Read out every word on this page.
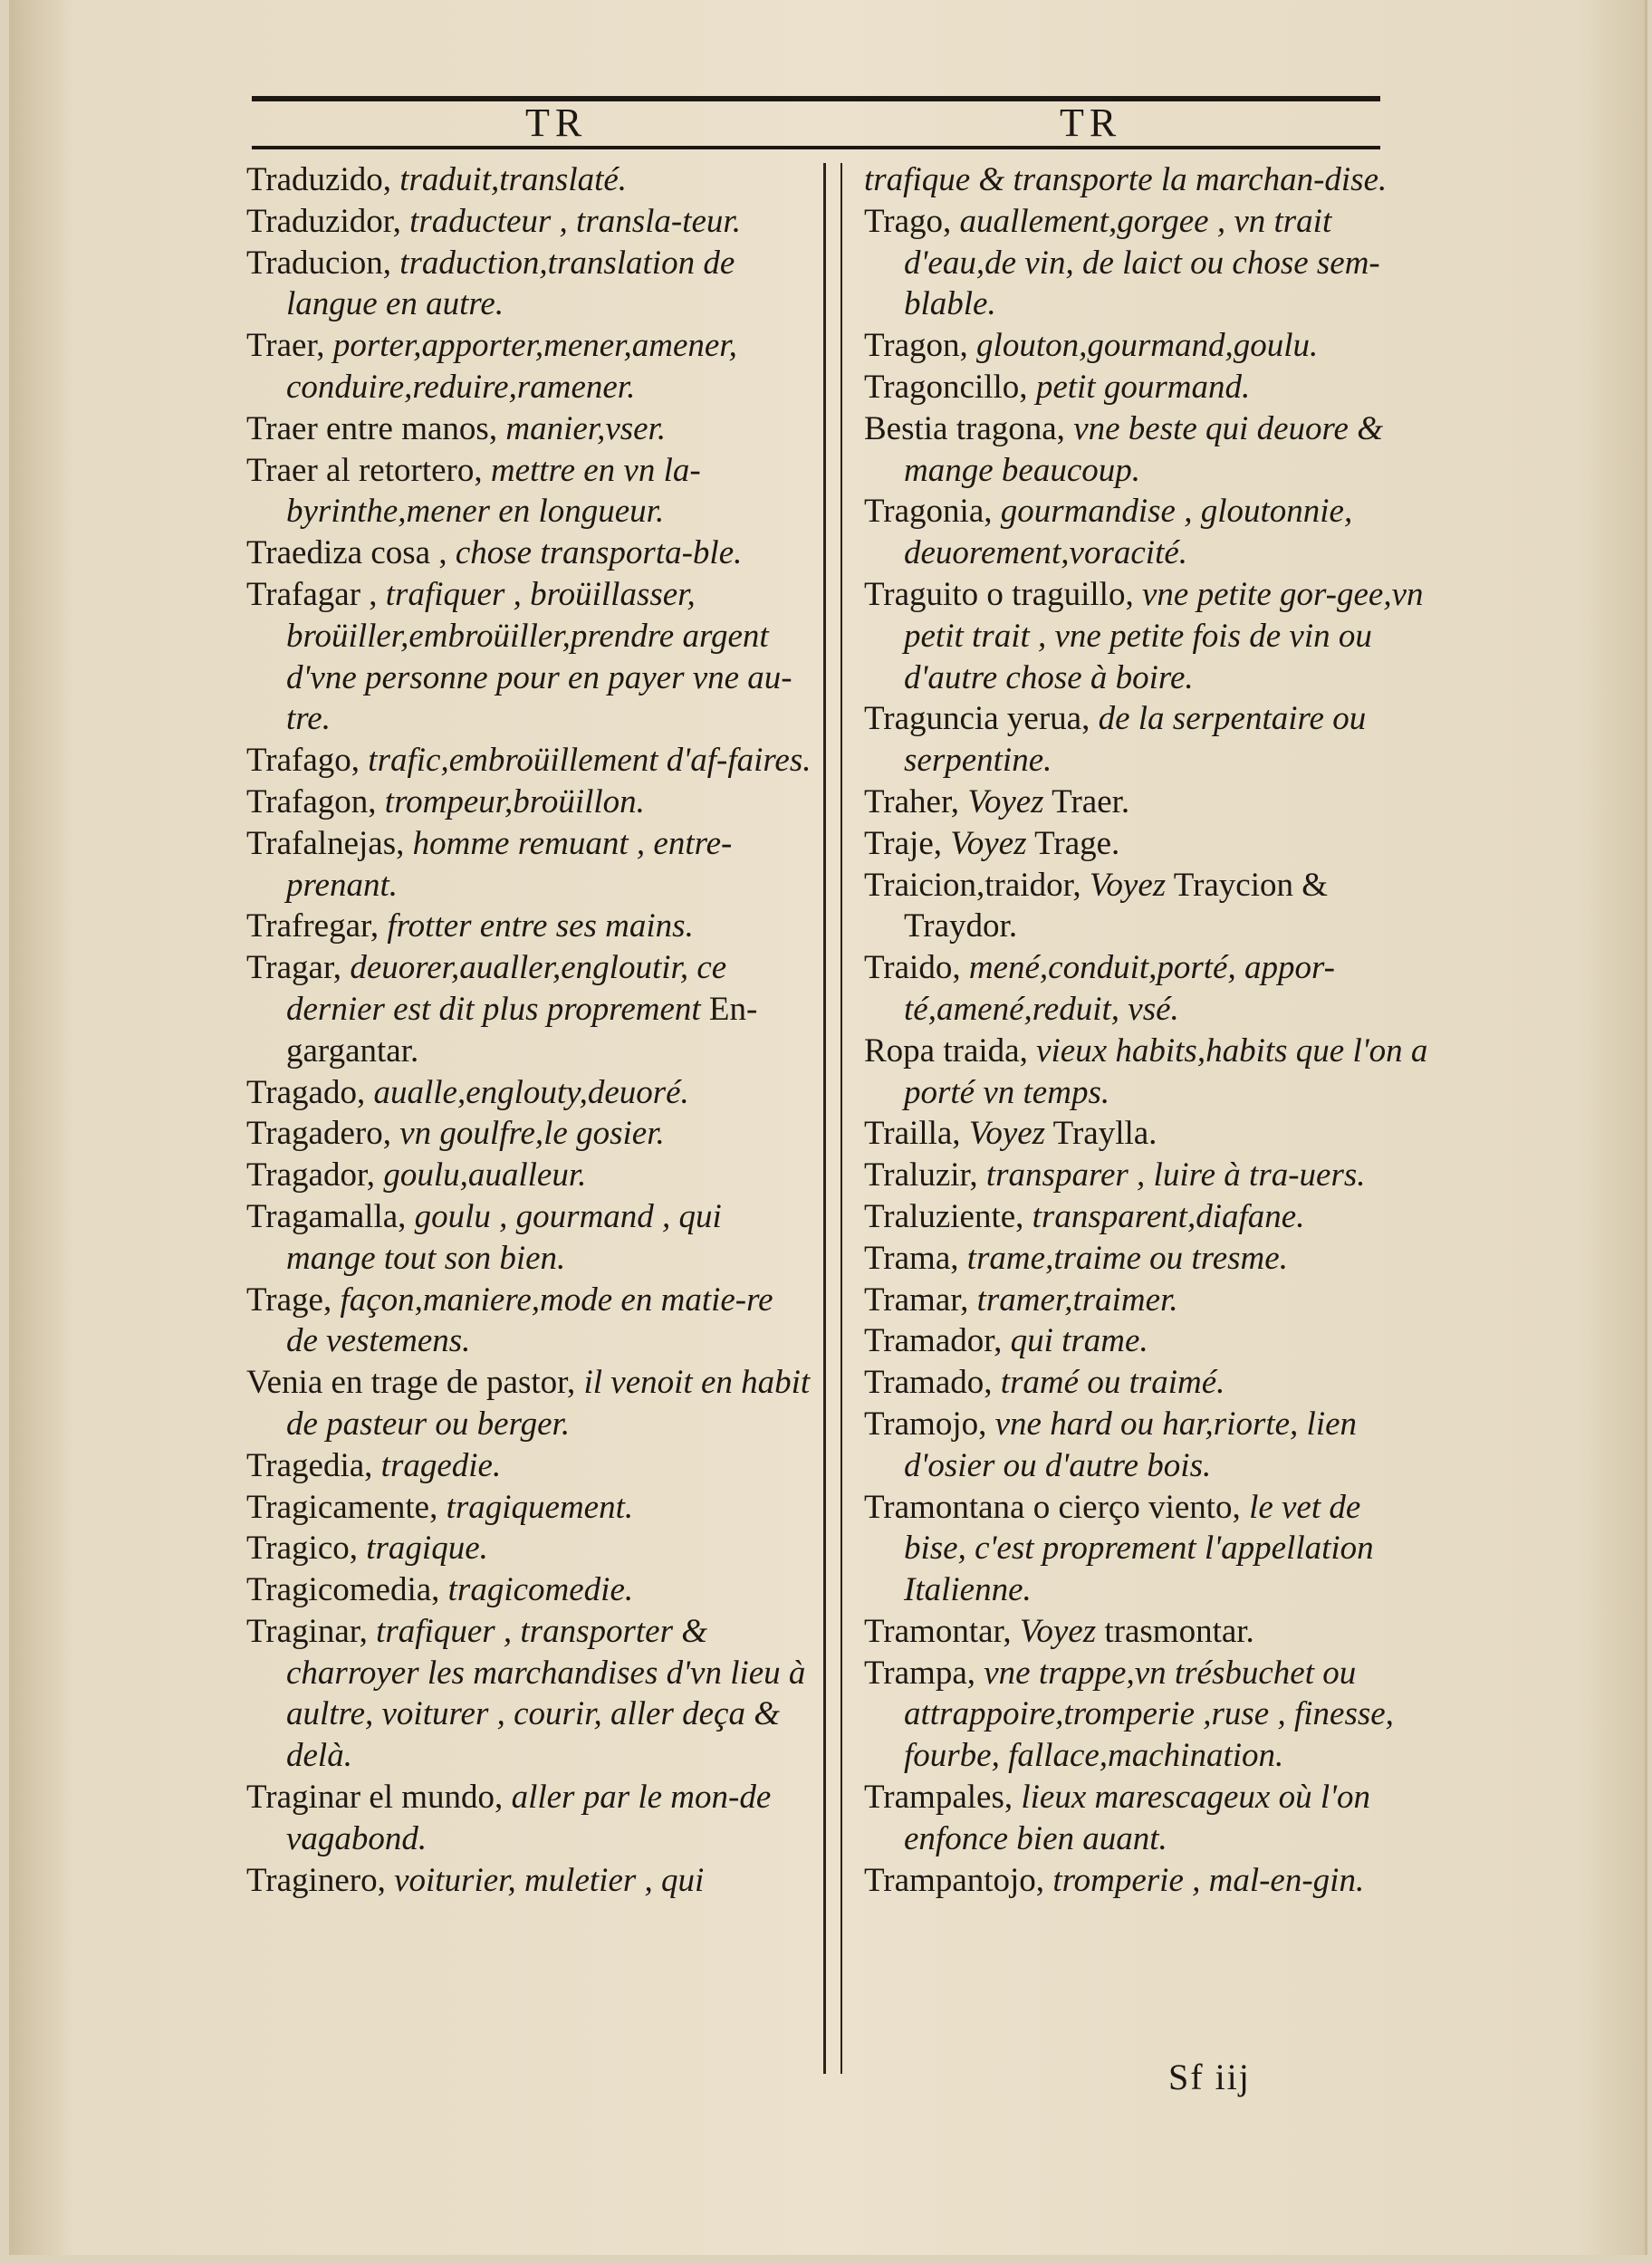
TR	TR
Traduzido, traduit,translaté.
Traduzidor, traducteur , transla-teur.
Traducion, traduction,translation de langue en autre.
Traer, porter,apporter,mener,amener, conduire,reduire,ramener.
Traer entre manos, manier,vser.
Traer al retortero, mettre en vn la-byrinthe,mener en longueur.
Traediza cosa , chose transporta-ble.
Trafagar , trafiquer , broüillasser, broüiller,embroüiller,prendre argent d'vne personne pour en payer vne au-tre.
Trafago, trafic,embroüillement d'af-faires.
Trafagon, trompeur,broüillon.
Trafalnejas, homme remuant , entre-prenant.
Trafregar, frotter entre ses mains.
Tragar, deuorer,aualler,engloutir, ce dernier est dit plus proprement En-gargantar.
Tragado, aualle,englouty,deuoré.
Tragadero, vn goulfre,le gosier.
Tragador, goulu,aualleur.
Tragamalla, goulu , gourmand , qui mange tout son bien.
Trage, façon,maniere,mode en matie-re de vestemens.
Venia en trage de pastor, il venoit en habit de pasteur ou berger.
Tragedia, tragedie.
Tragicamente, tragiquement.
Tragico, tragique.
Tragicomedia, tragicomedie.
Traginar, trafiquer , transporter & charroyer les marchandises d'vn lieu à aultre, voiturer , courir, aller deça & delà.
Traginar el mundo, aller par le mon-de vagabond.
Traginero, voiturier, muletier , qui
trafique & transporte la marchan-dise.
Trago, auallement,gorgee , vn trait d'eau,de vin, de laict ou chose sem-blable.
Tragon, glouton,gourmand,goulu.
Tragoncillo, petit gourmand.
Bestia tragona, vne beste qui deuore & mange beaucoup.
Tragonia, gourmandise , gloutonnie, deuorement,voracité.
Traguito o traguillo, vne petite gor-gee,vn petit trait , vne petite fois de vin ou d'autre chose à boire.
Traguncia yerua, de la serpentaire ou serpentine.
Traher, Voyez Traer.
Traje, Voyez Trage.
Traicion,traidor, Voyez Traycion & Traydor.
Traido, mené,conduit,porté, appor-té,amené,reduit, vsé.
Ropa traida, vieux habits,habits que l'on a porté vn temps.
Trailla, Voyez Traylla.
Traluzir, transparer , luire à tra-uers.
Traluziente, transparent,diafane.
Trama, trame,traime ou tresme.
Tramar, tramer,traimer.
Tramador, qui trame.
Tramado, tramé ou traimé.
Tramojo, vne hard ou har,riorte, lien d'osier ou d'autre bois.
Tramontana o cierço viento, le vet de bise, c'est proprement l'appellation Italienne.
Tramontar, Voyez trasmontar.
Trampa, vne trappe,vn trésbuchet ou attrappoire,tromperie ,ruse , finesse, fourbe, fallace,machination.
Trampales, lieux marescageux où l'on enfonce bien auant.
Trampantojo, tromperie , mal-en-gin.
Sf iij
